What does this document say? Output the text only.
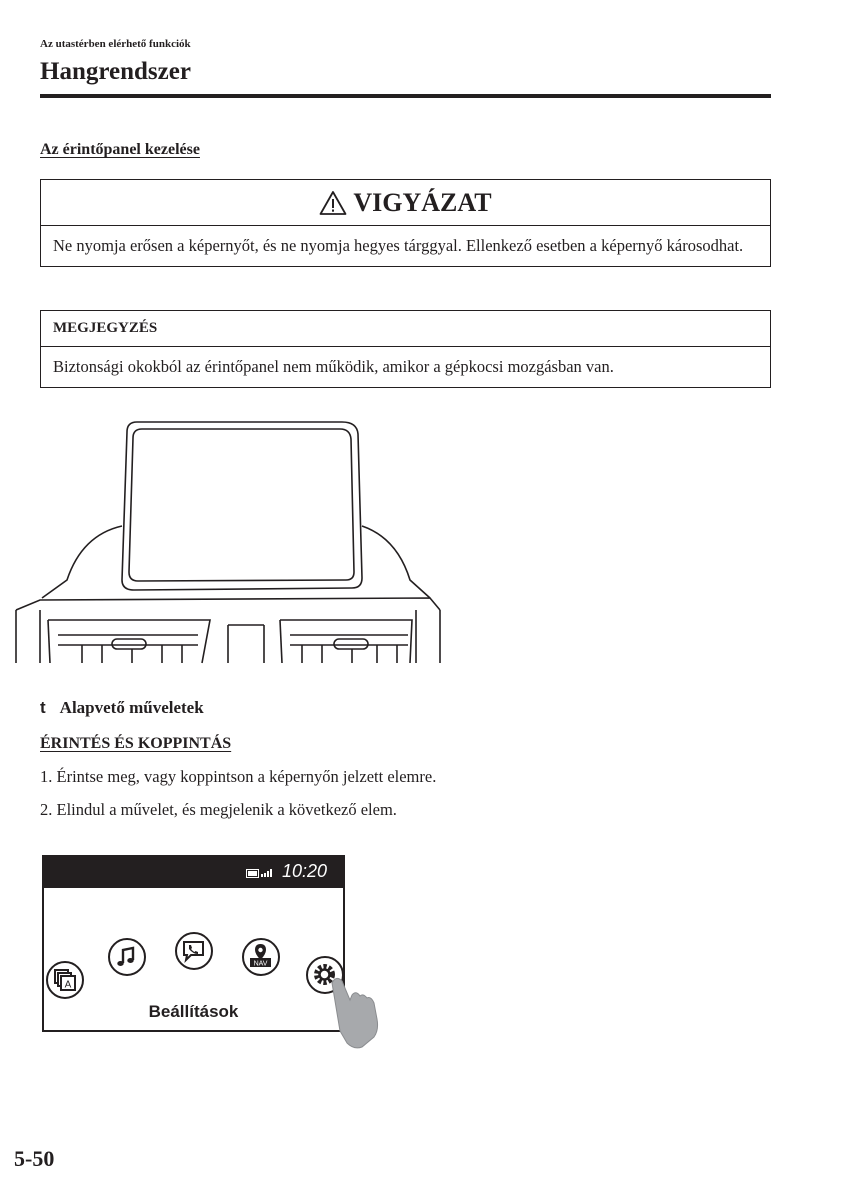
Az utastérben elérhető funkciók
Hangrendszer
Az érintőpanel kezelése
VIGYÁZAT
Ne nyomja erősen a képernyőt, és ne nyomja hegyes tárggyal. Ellenkező esetben a képernyő károsodhat.
MEGJEGYZÉS
Biztonsági okokból az érintőpanel nem működik, amikor a gépkocsi mozgásban van.
t Alapvető műveletek
ÉRINTÉS ÉS KOPPINTÁS
1. Érintse meg, vagy koppintson a képernyőn jelzett elemre.
2. Elindul a művelet, és megjelenik a következő elem.
10:20
A
NAV
Beállítások
5-50
